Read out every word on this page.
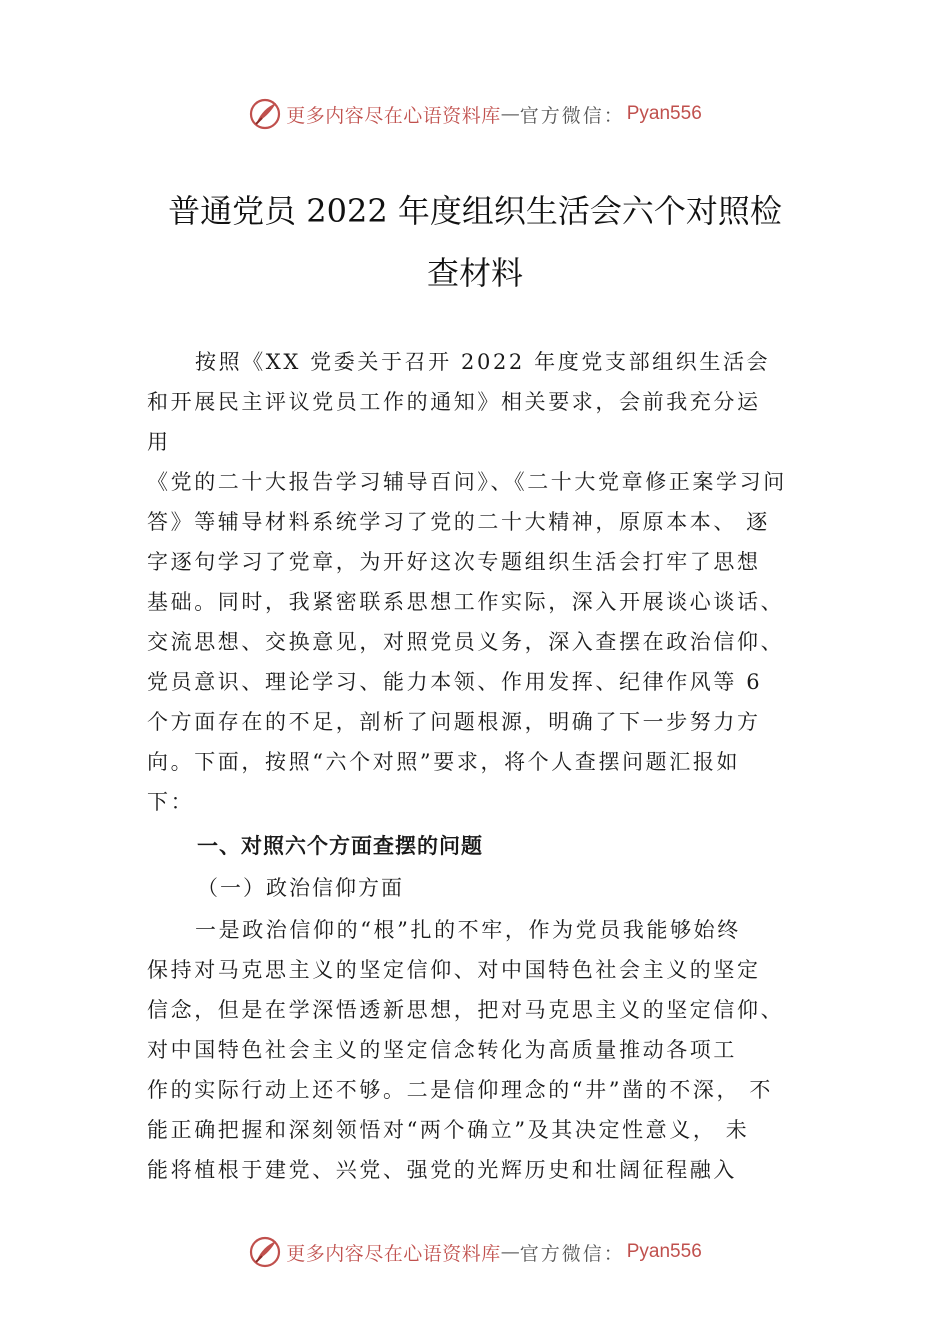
更多内容尽在心语资料库 — 官方微信： Pyan556
普通党员 2022 年度组织生活会六个对照检
查材料
按照《XX 党委关于召开 2022 年度党支部组织生活会
和开展民主评议党员工作的通知》相关要求，会前我充分运
用
《党的二十大报告学习辅导百问》、《二十大党章修正案学习问
答》等辅导材料系统学习了党的二十大精神，原原本本、 逐
字逐句学习了党章，为开好这次专题组织生活会打牢了思想
基础。同时，我紧密联系思想工作实际，深入开展谈心谈话、
交流思想、交换意见，对照党员义务，深入查摆在政治信仰、
党员意识、理论学习、能力本领、作用发挥、纪律作风等 6
个方面存在的不足，剖析了问题根源，明确了下一步努力方
向。下面，按照“六个对照”要求，将个人查摆问题汇报如
下：
一、对照六个方面查摆的问题
（一）政治信仰方面
一是政治信仰的“根”扎的不牢，作为党员我能够始终
保持对马克思主义的坚定信仰、对中国特色社会主义的坚定
信念，但是在学深悟透新思想，把对马克思主义的坚定信仰、
对中国特色社会主义的坚定信念转化为高质量推动各项工
作的实际行动上还不够。二是信仰理念的“井”凿的不深， 不
能正确把握和深刻领悟对“两个确立”及其决定性意义， 未
能将植根于建党、兴党、强党的光辉历史和壮阔征程融入
更多内容尽在心语资料库 — 官方微信： Pyan556
